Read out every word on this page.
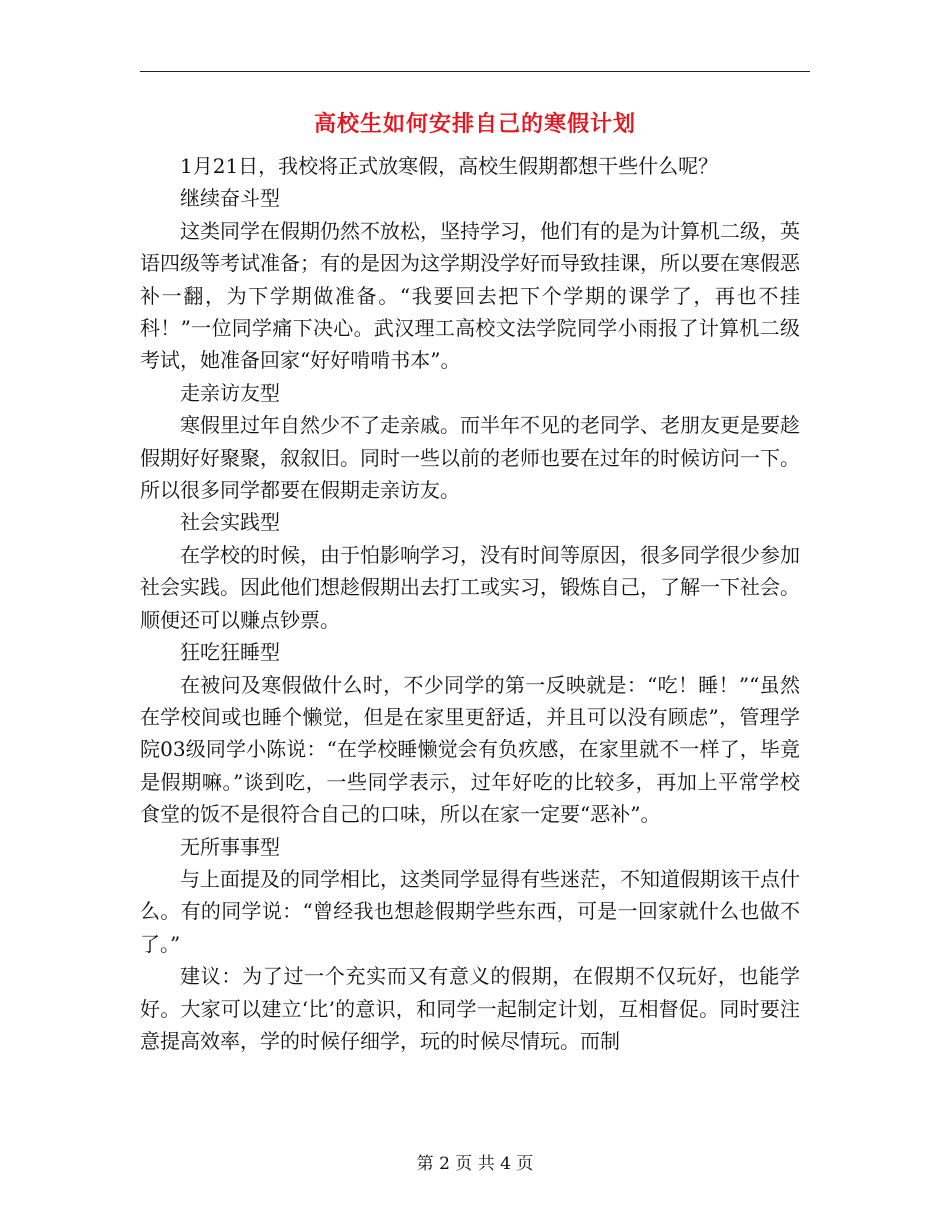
高校生如何安排自己的寒假计划

1月21日，我校将正式放寒假，高校生假期都想干些什么呢？

继续奋斗型

这类同学在假期仍然不放松，坚持学习，他们有的是为计算机二级，英语四级等考试准备；有的是因为这学期没学好而导致挂课，所以要在寒假恶补一翻，为下学期做准备。“我要回去把下个学期的课学了，再也不挂科！”一位同学痛下决心。武汉理工高校文法学院同学小雨报了计算机二级考试，她准备回家“好好啃啃书本”。

走亲访友型

寒假里过年自然少不了走亲戚。而半年不见的老同学、老朋友更是要趁假期好好聚聚，叙叙旧。同时一些以前的老师也要在过年的时候访问一下。所以很多同学都要在假期走亲访友。

社会实践型

在学校的时候，由于怕影响学习，没有时间等原因，很多同学很少参加社会实践。因此他们想趁假期出去打工或实习，锻炼自己，了解一下社会。顺便还可以赚点钞票。

狂吃狂睡型

在被问及寒假做什么时，不少同学的第一反映就是：“吃！睡！”“虽然在学校间或也睡个懒觉，但是在家里更舒适，并且可以没有顾虑”，管理学院03级同学小陈说：“在学校睡懒觉会有负疚感，在家里就不一样了，毕竟是假期嘛。”谈到吃，一些同学表示，过年好吃的比较多，再加上平常学校食堂的饭不是很符合自己的口味，所以在家一定要“恶补”。

无所事事型

与上面提及的同学相比，这类同学显得有些迷茫，不知道假期该干点什么。有的同学说：“曾经我也想趁假期学些东西，可是一回家就什么也做不了。”

建议：为了过一个充实而又有意义的假期，在假期不仅玩好，也能学好。大家可以建立‘比’的意识，和同学一起制定计划，互相督促。同时要注意提高效率，学的时候仔细学，玩的时候尽情玩。而制

第 2 页 共 4 页
